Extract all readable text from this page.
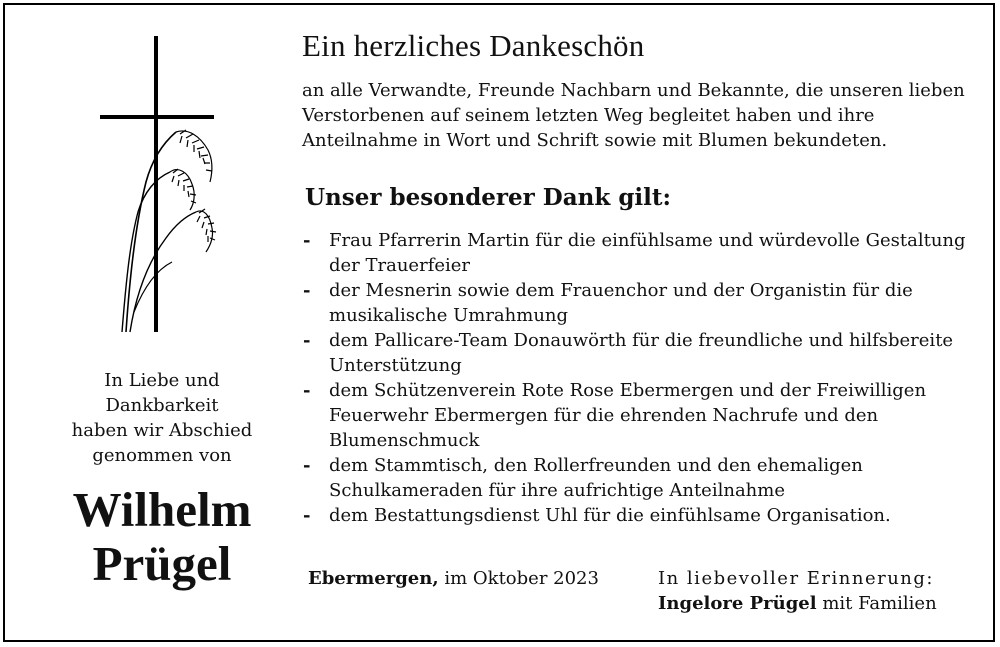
In Liebe und
Dankbarkeit
haben wir Abschied
genommen von
Wilhelm
Prügel
Ein herzliches Dankeschön

an alle Verwandte, Freunde Nachbarn und Bekannte, die unseren lieben Verstorbenen auf seinem letzten Weg begleitet haben und ihre Anteilnahme in Wort und Schrift sowie mit Blumen bekundeten.

Unser besonderer Dank gilt:
- Frau Pfarrerin Martin für die einfühlsame und würdevolle Gestaltung der Trauerfeier
- der Mesnerin sowie dem Frauenchor und der Organistin für die musikalische Umrahmung
- dem Pallicare-Team Donauwörth für die freundliche und hilfsbereite Unterstützung
- dem Schützenverein Rote Rose Ebermergen und der Freiwilligen Feuerwehr Ebermergen für die ehrenden Nachrufe und den Blumenschmuck
- dem Stammtisch, den Rollerfreunden und den ehemaligen Schulkameraden für ihre aufrichtige Anteilnahme
- dem Bestattungsdienst Uhl für die einfühlsame Organisation.
Ebermergen, im Oktober 2023	In liebevoller Erinnerung:
Ingelore Prügel mit Familien
